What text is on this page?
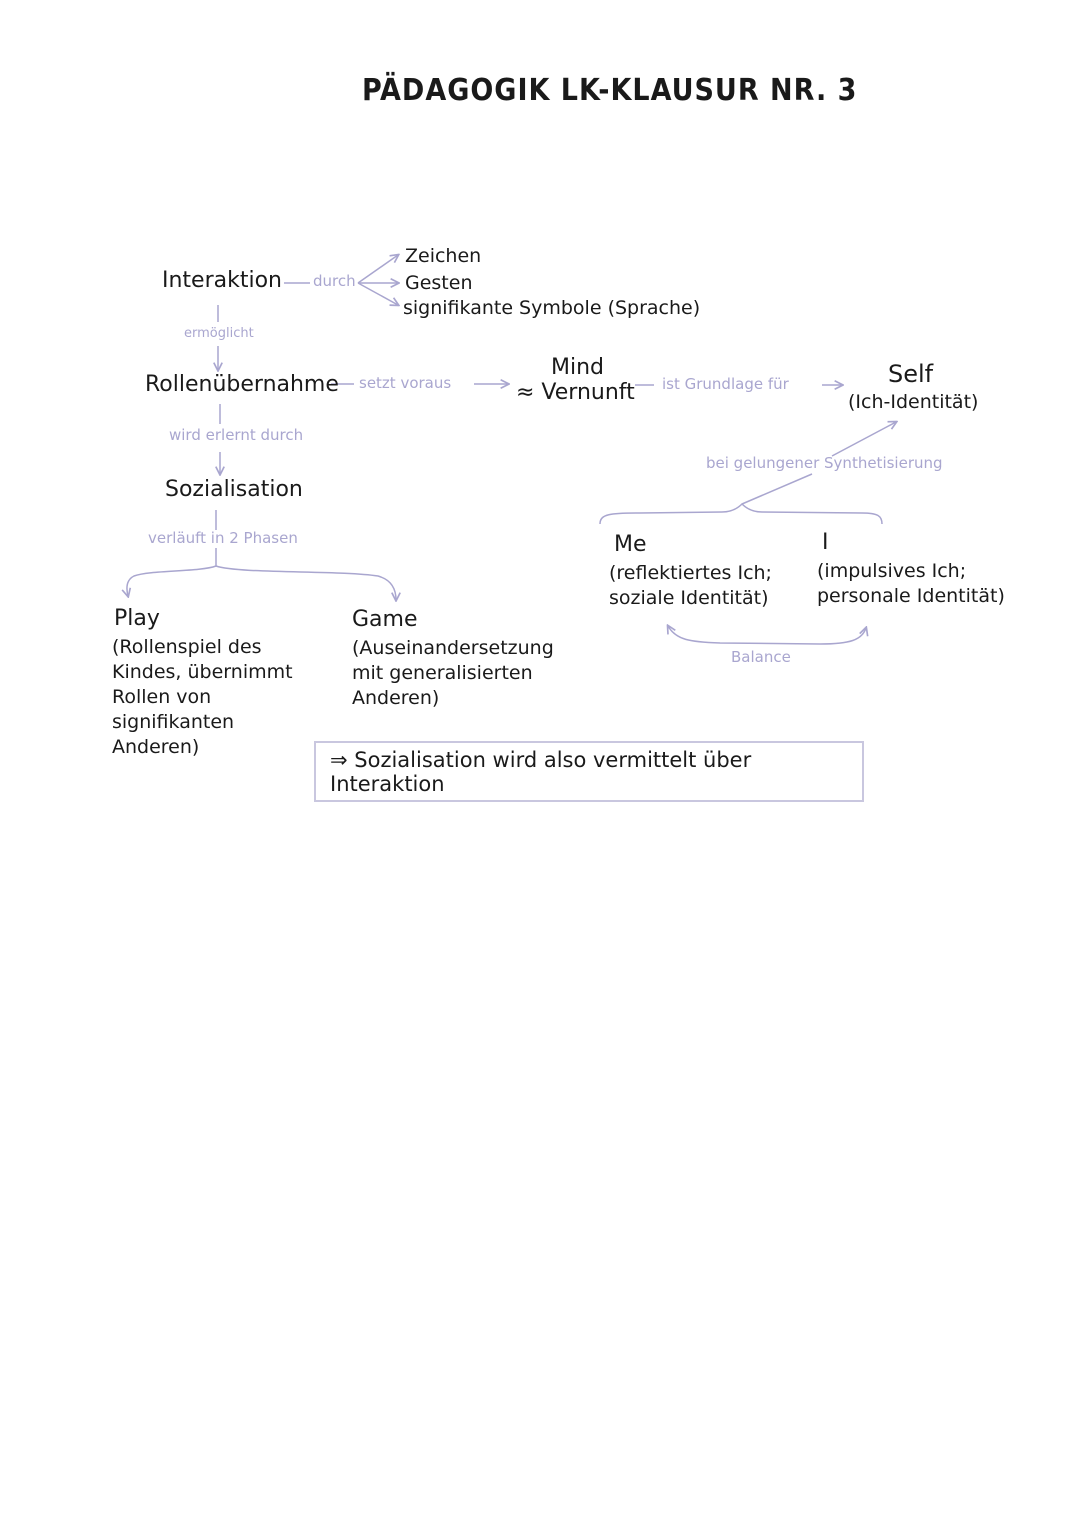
PÄDAGOGIK LK-KLAUSUR NR. 3
Interaktion durch
Zeichen
Gesten
signifikante Symbole (Sprache)
ermöglicht
Rollenübernahme setzt voraus
wird erlernt durch
Sozialisation
verläuft in 2 Phasen
Play
(Rollenspiel des Kindes, übernimmt Rollen von signifikanten Anderen)
Game
(Auseinandersetzung mit generalisierten Anderen)
Mind
≈ Vernunft ist Grundlage für	Self
(Ich-Identität)
bei gelungener Synthetisierung
Me
(reflektiertes Ich; soziale Identität)
I
(impulsives Ich; personale Identität)
Balance
⇒ Sozialisation wird also vermittelt über Interaktion
